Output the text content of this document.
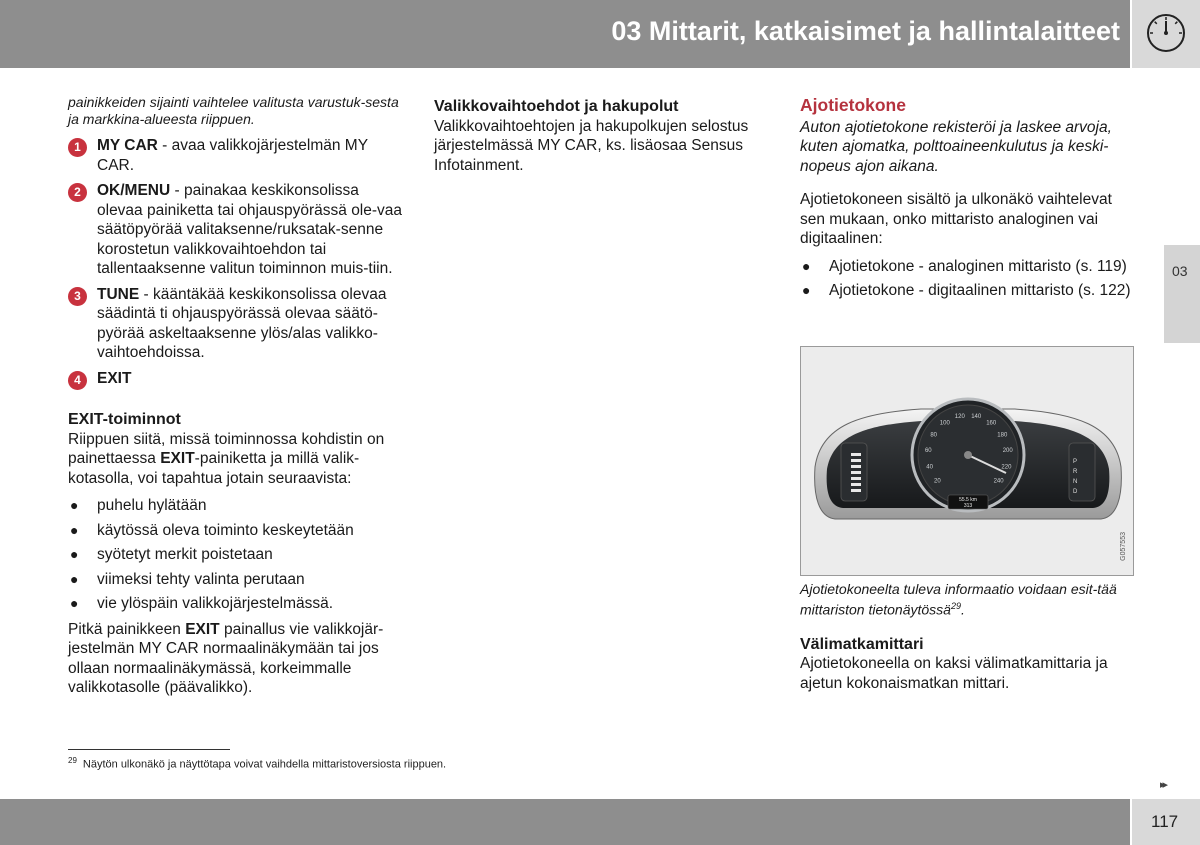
03 Mittarit, katkaisimet ja hallintalaitteet
03

painikkeiden sijainti vaihtelee valitusta varustuk-sesta ja markkina-alueesta riippuen.

1	MY CAR - avaa valikkojärjestelmän MY CAR.
2	OK/MENU - painakaa keskikonsolissa olevaa painiketta tai ohjauspyörässä ole-vaa säätöpyörää valitaksenne/ruksatak-senne korostetun valikkovaihtoehdon tai tallentaaksenne valitun toiminnon muis-tiin.
3	TUNE - kääntäkää keskikonsolissa olevaa säädintä ti ohjauspyörässä olevaa säätö-pyörää askeltaaksenne ylös/alas valikko-vaihtoehdoissa.
4	EXIT

EXIT-toiminnot

Riippuen siitä, missä toiminnossa kohdistin on painettaessa EXIT-painiketta ja millä valik-kotasolla, voi tapahtua jotain seuraavista:

● puhelu hylätään
● käytössä oleva toiminto keskeytetään
● syötetyt merkit poistetaan
● viimeksi tehty valinta perutaan
● vie ylöspäin valikkojärjestelmässä.

Pitkä painikkeen EXIT painallus vie valikkojär-jestelmän MY CAR normaalinäkymään tai jos ollaan normaalinäkymässä, korkeimmalle valikkotasolle (päävalikko).

Valikkovaihtoehdot ja hakupolut

Valikkovaihtoehtojen ja hakupolkujen selostus järjestelmässä MY CAR, ks. lisäosaa Sensus Infotainment.

Ajotietokone

Auton ajotietokone rekisteröi ja laskee arvoja, kuten ajomatka, polttoaineenkulutus ja keski-nopeus ajon aikana.

Ajotietokoneen sisältö ja ulkonäkö vaihtelevat sen mukaan, onko mittaristo analoginen vai digitaalinen:

● Ajotietokone - analoginen mittaristo (s. 119)
● Ajotietokone - digitaalinen mittaristo (s. 122)
20
40
60
80
100
120 140
160
180
200
220
240
55.5 km
313
P
R
N
D
G057553

Ajotietokoneelta tuleva informaatio voidaan esit-tää mittariston tietonäytössä$^{29}$.

Välimatkamittari

Ajotietokoneella on kaksi välimatkamittaria ja ajetun kokonaismatkan mittari.

$^{29}$ Näytön ulkonäkö ja näyttötapa voivat vaihdella mittaristoversiosta riippuen.
▸▸
117
